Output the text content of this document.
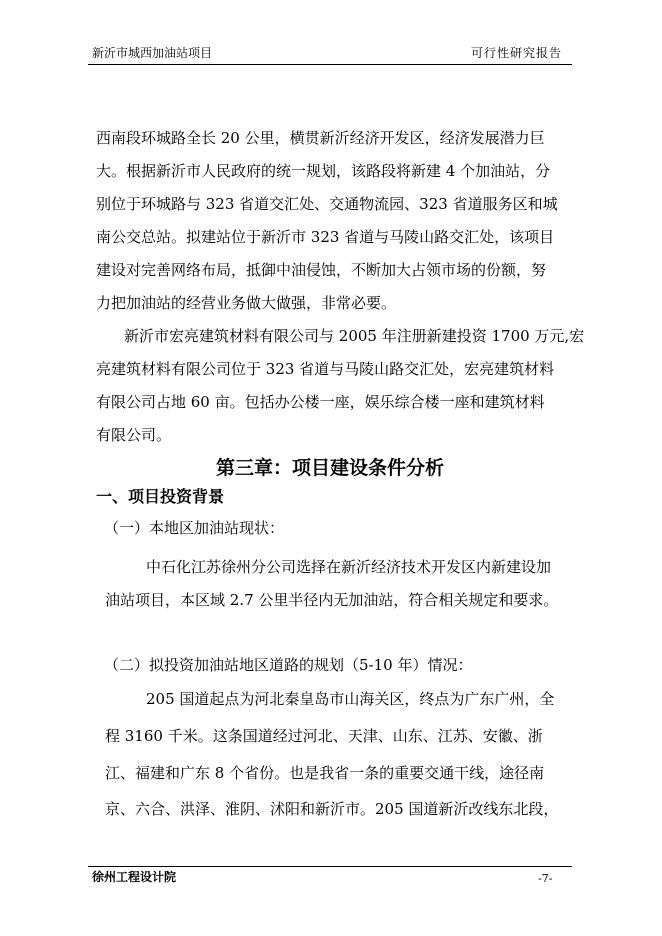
新沂市城西加油站项目	可行性研究报告
西南段环城路全长 20 公里，横贯新沂经济开发区，经济发展潜力巨
大。根据新沂市人民政府的统一规划，该路段将新建 4 个加油站，分
别位于环城路与 323 省道交汇处、交通物流园、323 省道服务区和城
南公交总站。拟建站位于新沂市 323 省道与马陵山路交汇处，该项目
建设对完善网络布局，抵御中油侵蚀，不断加大占领市场的份额，努
力把加油站的经营业务做大做强，非常必要。
新沂市宏亮建筑材料有限公司与 2005 年注册新建投资 1700 万元,宏
亮建筑材料有限公司位于 323 省道与马陵山路交汇处，宏亮建筑材料
有限公司占地 60 亩。包括办公楼一座，娱乐综合楼一座和建筑材料
有限公司。
第三章：项目建设条件分析
一、项目投资背景
（一）本地区加油站现状：
中石化江苏徐州分公司选择在新沂经济技术开发区内新建设加
油站项目，本区域 2.7 公里半径内无加油站，符合相关规定和要求。
（二）拟投资加油站地区道路的规划（5-10 年）情况：
205 国道起点为河北秦皇岛市山海关区，终点为广东广州，全
程 3160 千米。这条国道经过河北、天津、山东、江苏、安徽、浙
江、福建和广东 8 个省份。也是我省一条的重要交通干线，途径南
京、六合、洪泽、淮阴、沭阳和新沂市。205 国道新沂改线东北段，
徐州工程设计院	-7-
